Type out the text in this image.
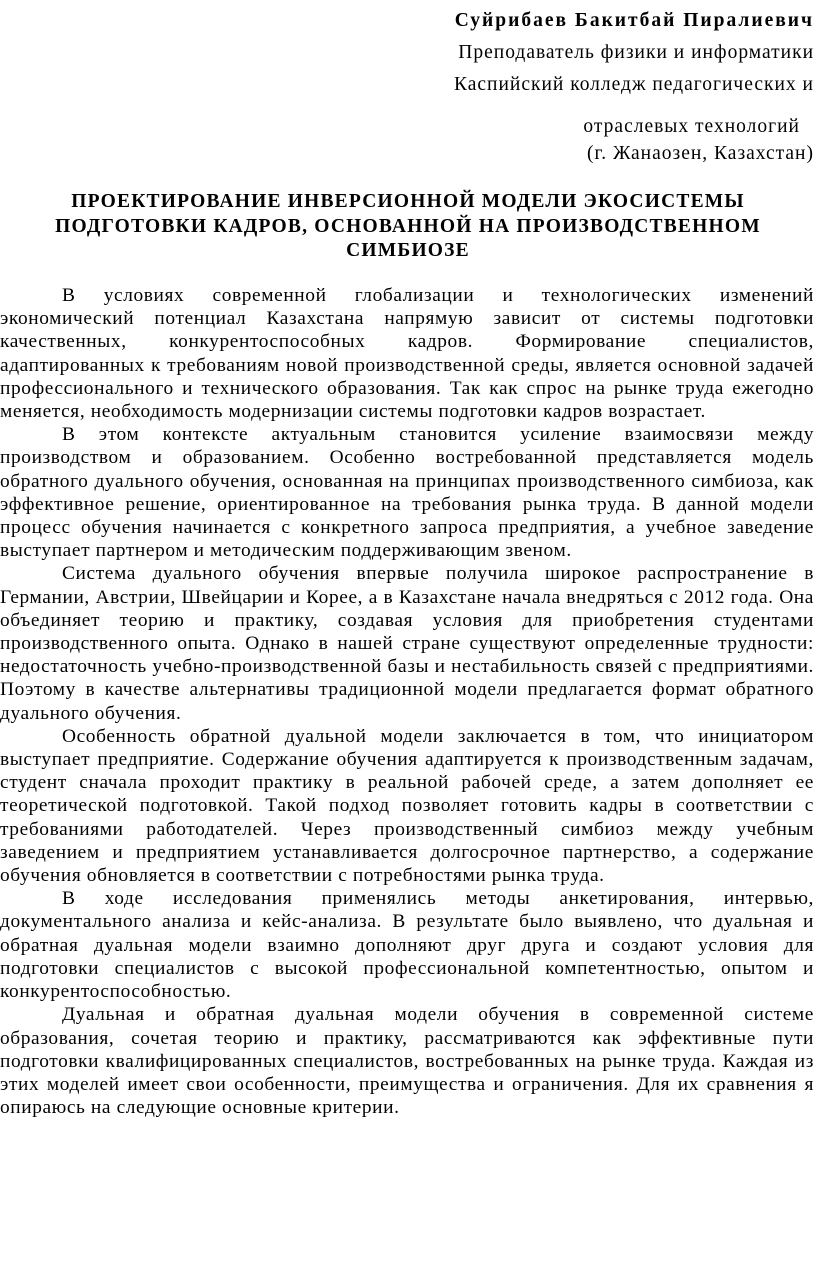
Суйрибаев Бакитбай Пиралиевич
Преподаватель физики и информатики
Каспийский колледж педагогических и
отраслевых технологий
(г. Жанаозен, Казахстан)
ПРОЕКТИРОВАНИЕ ИНВЕРСИОННОЙ МОДЕЛИ ЭКОСИСТЕМЫ
ПОДГОТОВКИ КАДРОВ, ОСНОВАННОЙ НА ПРОИЗВОДСТВЕННОМ
СИМБИОЗЕ

В условиях современной глобализации и технологических изменений экономический потенциал Казахстана напрямую зависит от системы подготовки качественных, конкурентоспособных кадров. Формирование специалистов, адаптированных к требованиям новой производственной среды, является основной задачей профессионального и технического образования. Так как спрос на рынке труда ежегодно меняется, необходимость модернизации системы подготовки кадров возрастает.

В этом контексте актуальным становится усиление взаимосвязи между производством и образованием. Особенно востребованной представляется модель обратного дуального обучения, основанная на принципах производственного симбиоза, как эффективное решение, ориентированное на требования рынка труда. В данной модели процесс обучения начинается с конкретного запроса предприятия, а учебное заведение выступает партнером и методическим поддерживающим звеном.

Система дуального обучения впервые получила широкое распространение в Германии, Австрии, Швейцарии и Корее, а в Казахстане начала внедряться с 2012 года. Она объединяет теорию и практику, создавая условия для приобретения студентами производственного опыта. Однако в нашей стране существуют определенные трудности: недостаточность учебно-производственной базы и нестабильность связей с предприятиями. Поэтому в качестве альтернативы традиционной модели предлагается формат обратного дуального обучения.

Особенность обратной дуальной модели заключается в том, что инициатором выступает предприятие. Содержание обучения адаптируется к производственным задачам, студент сначала проходит практику в реальной рабочей среде, а затем дополняет ее теоретической подготовкой. Такой подход позволяет готовить кадры в соответствии с требованиями работодателей. Через производственный симбиоз между учебным заведением и предприятием устанавливается долгосрочное партнерство, а содержание обучения обновляется в соответствии с потребностями рынка труда.

В ходе исследования применялись методы анкетирования, интервью, документального анализа и кейс-анализа. В результате было выявлено, что дуальная и обратная дуальная модели взаимно дополняют друг друга и создают условия для подготовки специалистов с высокой профессиональной компетентностью, опытом и конкурентоспособностью.

Дуальная и обратная дуальная модели обучения в современной системе образования, сочетая теорию и практику, рассматриваются как эффективные пути подготовки квалифицированных специалистов, востребованных на рынке труда. Каждая из этих моделей имеет свои особенности, преимущества и ограничения. Для их сравнения я опираюсь на следующие основные критерии.
